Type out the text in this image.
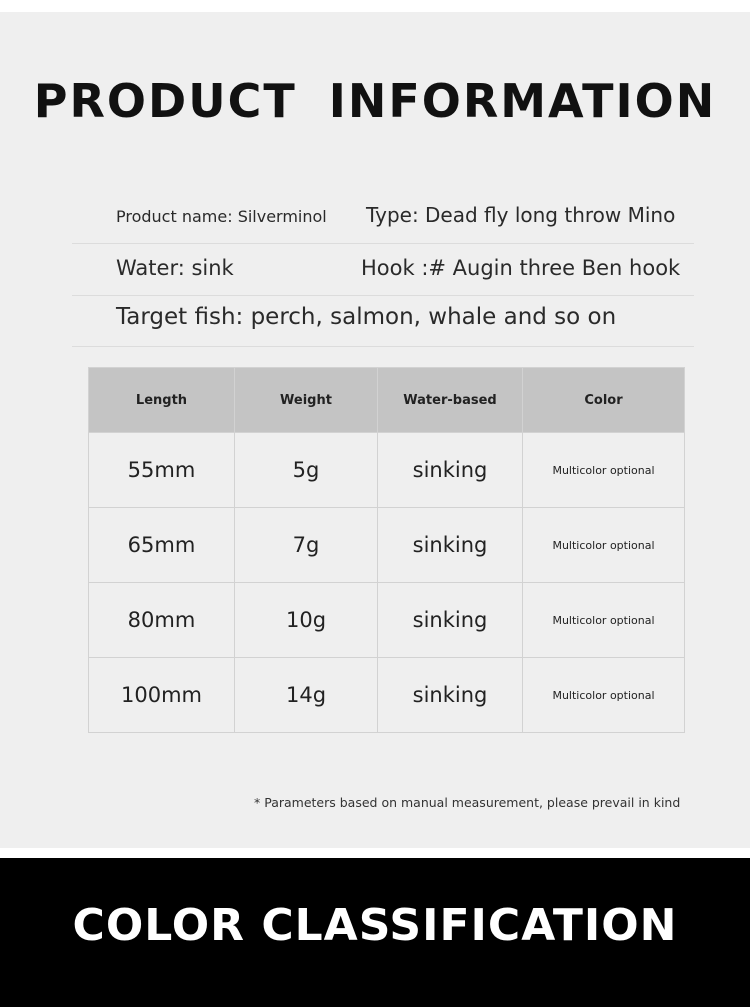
PRODUCT INFORMATION
Product name: Silverminol Type: Dead fly long throw Mino
Water: sink	Hook :# Augin three Ben hook
Target fish: perch, salmon, whale and so on
Length	Weight	Water-based	Color
55mm	5g	sinking	Multicolor optional
65mm	7g	sinking	Multicolor optional
80mm	10g	sinking	Multicolor optional
100mm	14g	sinking	Multicolor optional
* Parameters based on manual measurement, please prevail in kind
COLOR CLASSIFICATION
